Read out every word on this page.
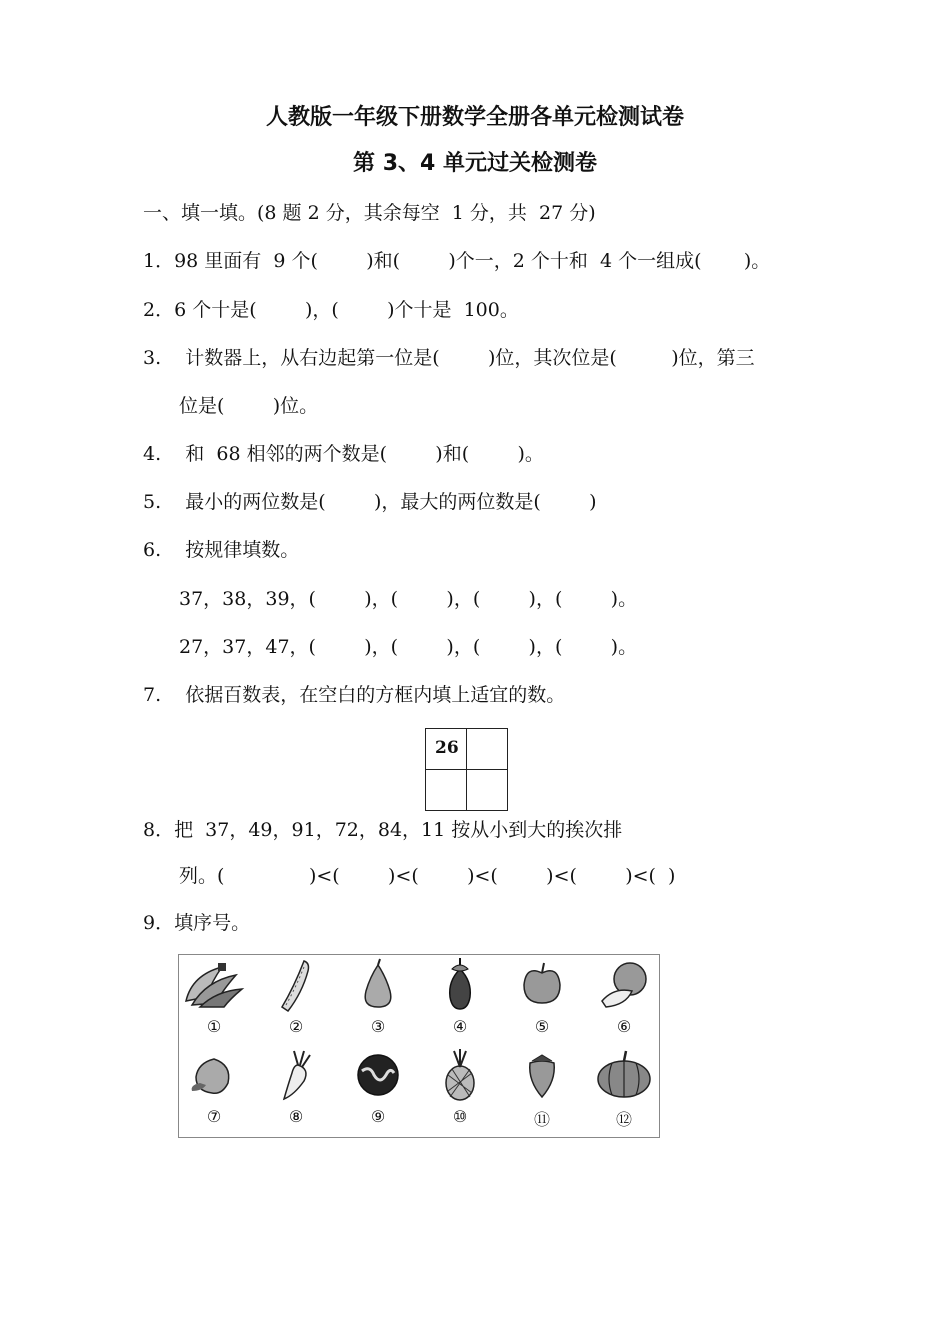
人教版一年级下册数学全册各单元检测试卷
第 3、4 单元过关检测卷
一、填一填。(8 题 2 分，其余每空  1 分，共  27 分)
1．98 里面有  9 个(        )和(        )个一，2 个十和  4 个一组成(       )。
2．6 个十是(        )，(        )个十是  100。
3.    计数器上，从右边起第一位是(        )位，其次位是(         )位，第三
位是(        )位。
4.    和  68 相邻的两个数是(        )和(        )。
5.    最小的两位数是(        )，最大的两位数是(        )
6.    按规律填数。
37，38，39，(        )，(        )，(        )，(        )。
27，37，47，(        )，(        )，(        )，(        )。
7.    依据百数表，在空白的方框内填上适宜的数。
26
8．把  37，49，91，72，84，11 按从小到大的挨次排
列。(              )<(        )<(        )<(        )<(        )<(  )
9．填序号。
①	②	③	④	⑤	⑥
⑦	⑧	⑨	⑩	⑪	⑫
